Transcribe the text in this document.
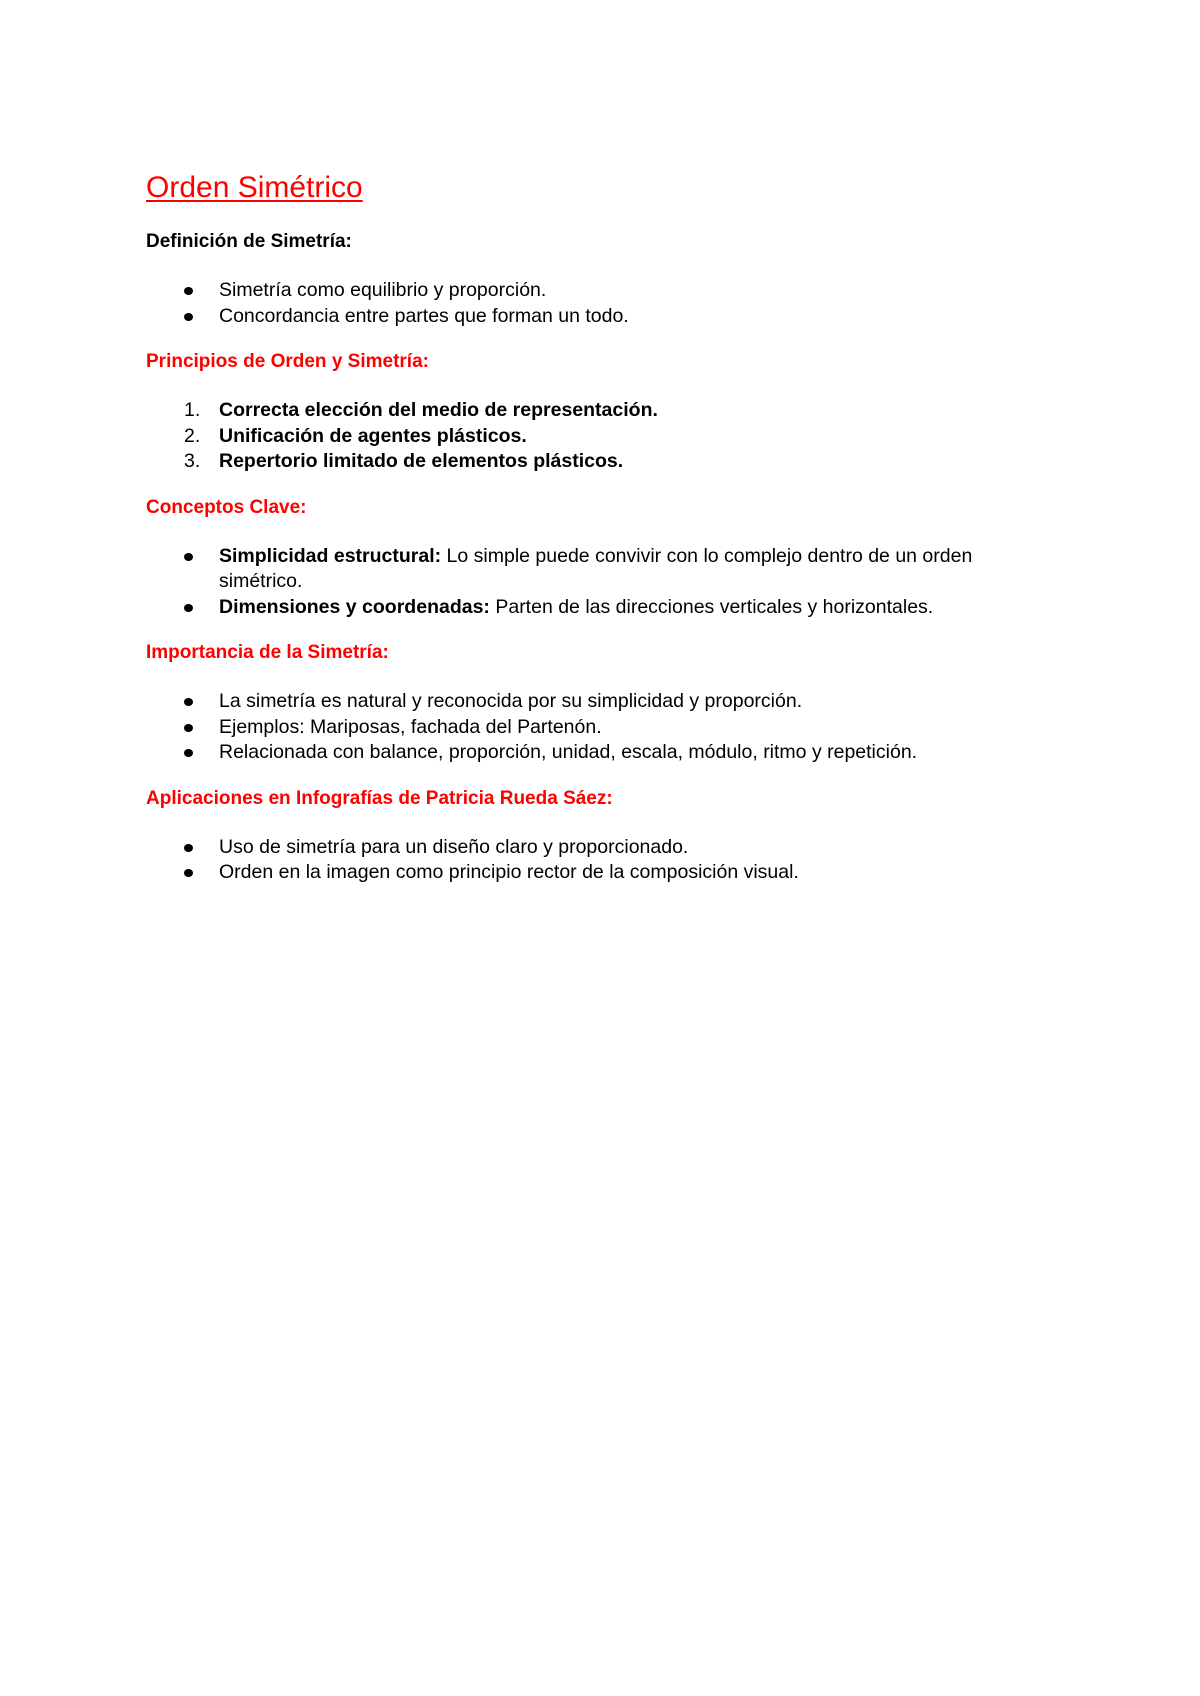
Orden Simétrico
Definición de Simetría:
Simetría como equilibrio y proporción.
Concordancia entre partes que forman un todo.
Principios de Orden y Simetría:
1. Correcta elección del medio de representación.
2. Unificación de agentes plásticos.
3. Repertorio limitado de elementos plásticos.
Conceptos Clave:
Simplicidad estructural: Lo simple puede convivir con lo complejo dentro de un orden simétrico.
Dimensiones y coordenadas: Parten de las direcciones verticales y horizontales.
Importancia de la Simetría:
La simetría es natural y reconocida por su simplicidad y proporción.
Ejemplos: Mariposas, fachada del Partenón.
Relacionada con balance, proporción, unidad, escala, módulo, ritmo y repetición.
Aplicaciones en Infografías de Patricia Rueda Sáez:
Uso de simetría para un diseño claro y proporcionado.
Orden en la imagen como principio rector de la composición visual.
